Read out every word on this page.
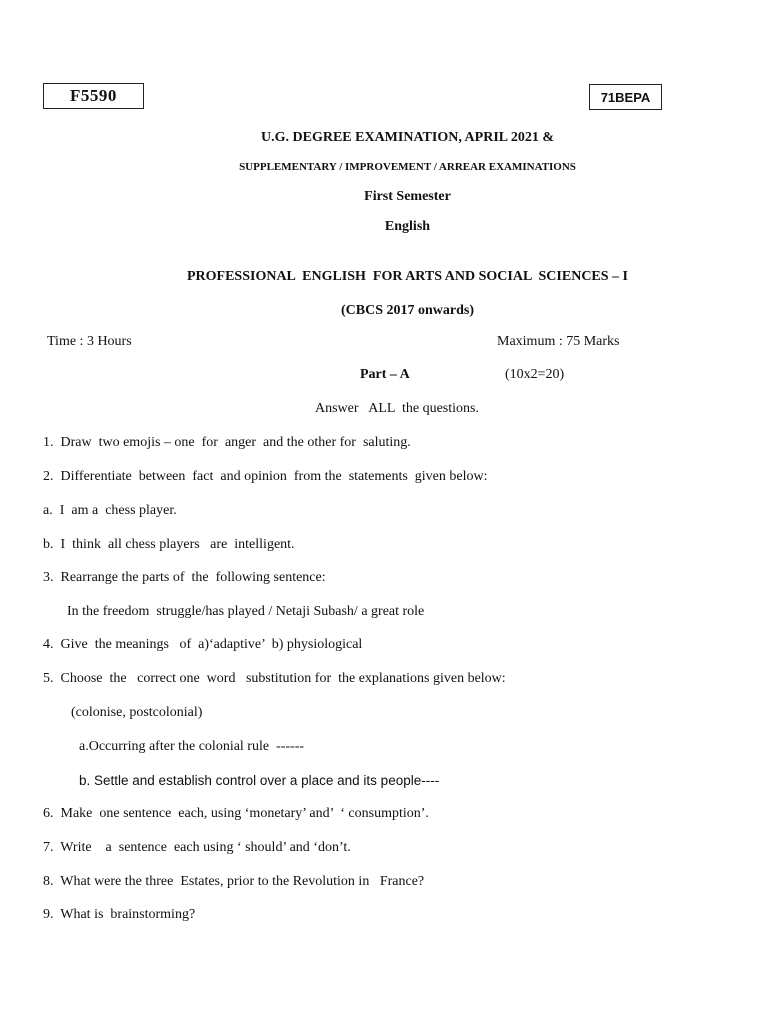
F5590	71BEPA
U.G. DEGREE EXAMINATION, APRIL 2021 &
SUPPLEMENTARY / IMPROVEMENT / ARREAR EXAMINATIONS
First Semester
English
PROFESSIONAL  ENGLISH  FOR ARTS AND SOCIAL  SCIENCES – I
(CBCS 2017 onwards)
Time : 3 Hours	Maximum : 75 Marks
Part – A	(10x2=20)
Answer   ALL  the questions.
1.  Draw  two emojis – one  for  anger  and the other for  saluting.
2.  Differentiate  between  fact  and opinion  from the  statements  given below:
a.  I  am a  chess player.
b.  I  think  all chess players   are  intelligent.
3.  Rearrange the parts of  the  following sentence:
In the freedom  struggle/has played / Netaji Subash/ a great role
4.  Give  the meanings   of  a)‘adaptive’  b) physiological
5.  Choose  the   correct one  word   substitution for  the explanations given below:
(colonise, postcolonial)
a.Occurring after the colonial rule  ------
b. Settle and establish control over a place and its people----
6.  Make  one sentence  each, using ‘monetary’ and’  ‘ consumption’.
7.  Write    a  sentence  each using ‘ should’ and ‘don’t.
8.  What were the three  Estates, prior to the Revolution in   France?
9.  What is  brainstorming?
